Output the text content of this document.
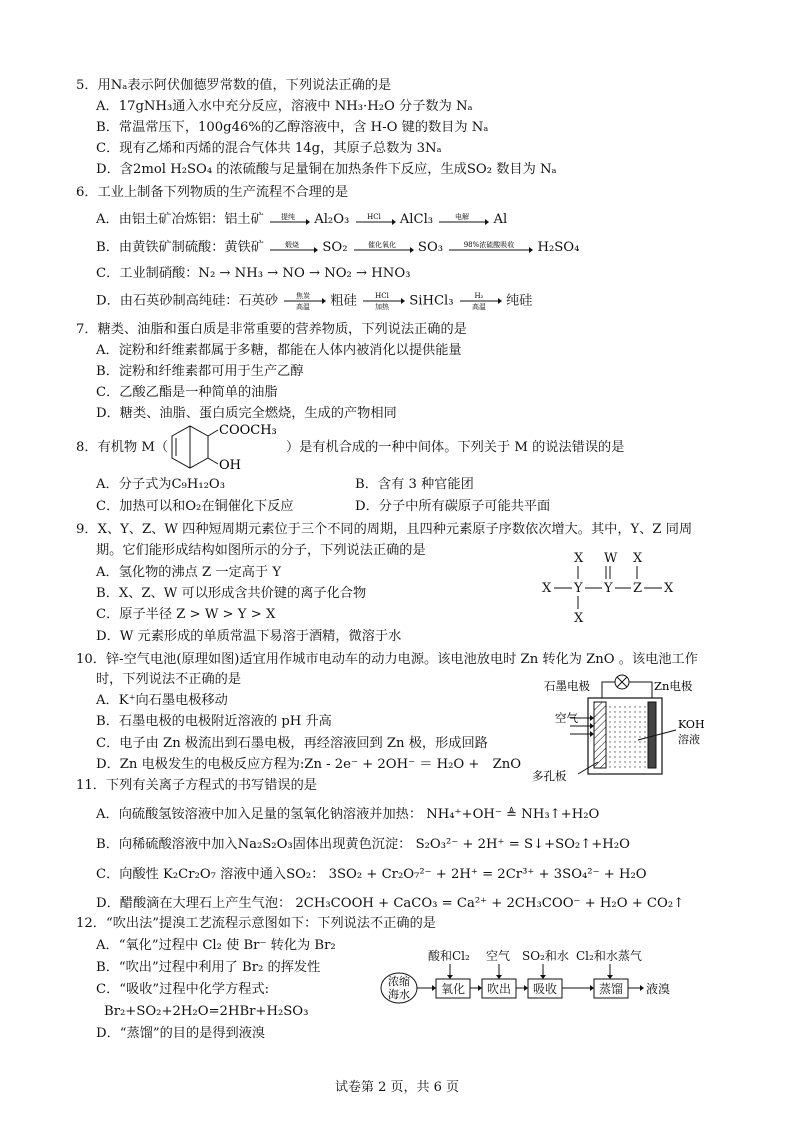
5．用Nₐ表示阿伏伽德罗常数的值，下列说法正确的是
A．17gNH₃通入水中充分反应，溶液中 NH₃·H₂O 分子数为 Nₐ
B．常温常压下，100g46%的乙醇溶液中，含 H-O 键的数目为 Nₐ
C．现有乙烯和丙烯的混合气体共 14g，其原子总数为 3Nₐ
D．含2mol H₂SO₄ 的浓硫酸与足量铜在加热条件下反应，生成SO₂ 数目为 Nₐ
6．工业上制备下列物质的生产流程不合理的是
A．由铝土矿冶炼铝：铝土矿 提纯 Al₂O₃ HCl AlCl₃	电解 Al
B．由黄铁矿制硫酸：黄铁矿	煅烧 SO₂	催化氧化 SO₃	98%浓硫酸吸收 H₂SO₄
C．工业制硝酸：N₂ → NH₃ → NO → NO₂ → HNO₃
D．由石英砂制高纯硅：石英砂	焦炭
高温 粗硅	HCl
加热 SiHCl₃	H₂
高温 纯硅
7．糖类、油脂和蛋白质是非常重要的营养物质，下列说法正确的是
A．淀粉和纤维素都属于多糖，都能在人体内被消化以提供能量
B．淀粉和纤维素都可用于生产乙醇
C．乙酸乙酯是一种简单的油脂
D．糖类、油脂、蛋白质完全燃烧，生成的产物相同
8．有机物 M（
COOCH₃
OH
）是有机合成的一种中间体。下列关于 M 的说法错误的是
A．分子式为C₉H₁₂O₃	B．含有 3 种官能团
C．加热可以和O₂在铜催化下反应	D．分子中所有碳原子可能共平面
9．X、Y、Z、W 四种短周期元素位于三个不同的周期，且四种元素原子序数依次增大。其中，Y、Z 同周
期。它们能形成结构如图所示的分子，下列说法正确的是
A．氢化物的沸点 Z 一定高于 Y
B．X、Z、W 可以形成含共价键的离子化合物
C．原子半径 Z > W > Y > X
D．W 元素形成的单质常温下易溶于酒精，微溶于水
X W X
X Y Y Z X
X
10．锌-空气电池(原理如图)适宜用作城市电动车的动力电源。该电池放电时 Zn 转化为 ZnO 。该电池工作
时，下列说法不正确的是
A．K⁺向石墨电极移动
B．石墨电极的电极附近溶液的 pH 升高
C．电子由 Zn 极流出到石墨电极，再经溶液回到 Zn 极，形成回路
D．Zn 电极发生的电极反应方程为:Zn - 2e⁻ + 2OH⁻ ＝ H₂O +　ZnO
石墨电极	Zn电极
空气	KOH
溶液
多孔板
11．下列有关离子方程式的书写错误的是
A．向硫酸氢铵溶液中加入足量的氢氧化钠溶液并加热： NH₄⁺+OH⁻ ≜ NH₃↑+H₂O
B．向稀硫酸溶液中加入Na₂S₂O₃固体出现黄色沉淀： S₂O₃²⁻ + 2H⁺ = S↓+SO₂↑+H₂O
C．向酸性 K₂Cr₂O₇ 溶液中通入SO₂： 3SO₂ + Cr₂O₇²⁻ + 2H⁺ = 2Cr³⁺ + 3SO₄²⁻ + H₂O
D．醋酸滴在大理石上产生气泡： 2CH₃COOH + CaCO₃ = Ca²⁺ + 2CH₃COO⁻ + H₂O + CO₂↑
12．“吹出法”提溴工艺流程示意图如下：下列说法不正确的是
A．“氧化”过程中 Cl₂ 使 Br⁻ 转化为 Br₂
B．“吹出”过程中利用了 Br₂ 的挥发性
C．“吸收”过程中化学方程式:
Br₂+SO₂+2H₂O=2HBr+H₂SO₃
D．“蒸馏”的目的是得到液溴
酸和Cl₂ 空气 SO₂和水 Cl₂和水蒸气
浓缩
海水	氧化 吹出 吸收	蒸馏 液溴
试卷第 2 页，共 6 页
